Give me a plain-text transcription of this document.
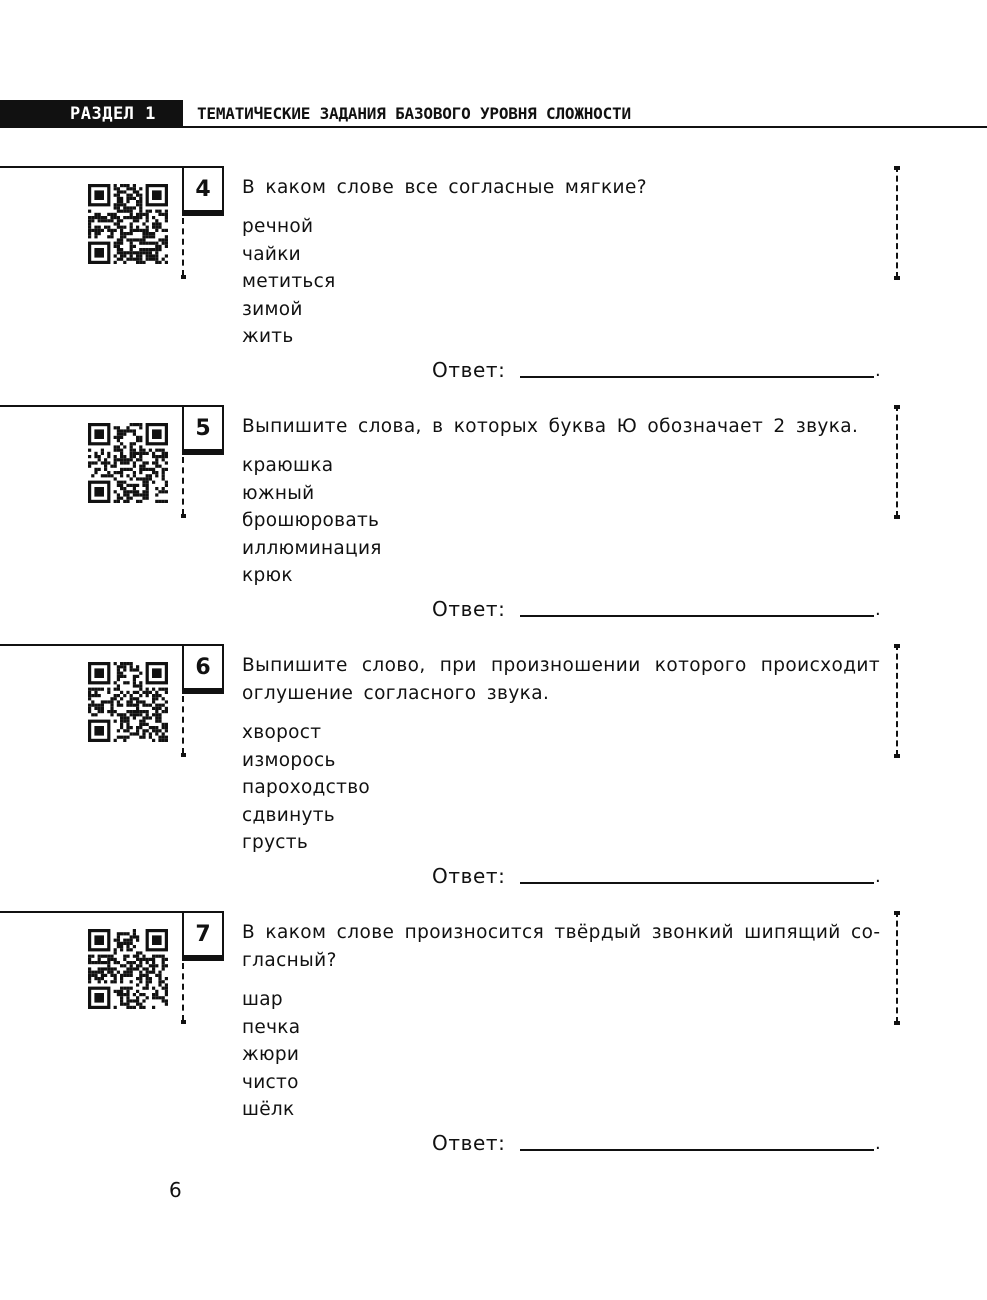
РАЗДЕЛ 1	ТЕМАТИЧЕСКИЕ ЗАДАНИЯ БАЗОВОГО УРОВНЯ СЛОЖНОСТИ
4	В каком слове все согласные мягкие?
речной
чайки
метиться
зимой
жить
Ответ:	.
5	Выпишите слова, в которых буква Ю обозначает 2 звука.
краюшка
южный
брошюровать
иллюминация
крюк
Ответ:	.
6	Выпишите слово, при произношении которого происходит оглушение согласного звука.
хворост
изморось
пароходство
сдвинуть
грусть
Ответ:	.
7	В каком слове произносится твёрдый звонкий шипящий согласный?
шар
печка
жюри
чисто
шёлк
Ответ:	.
6
